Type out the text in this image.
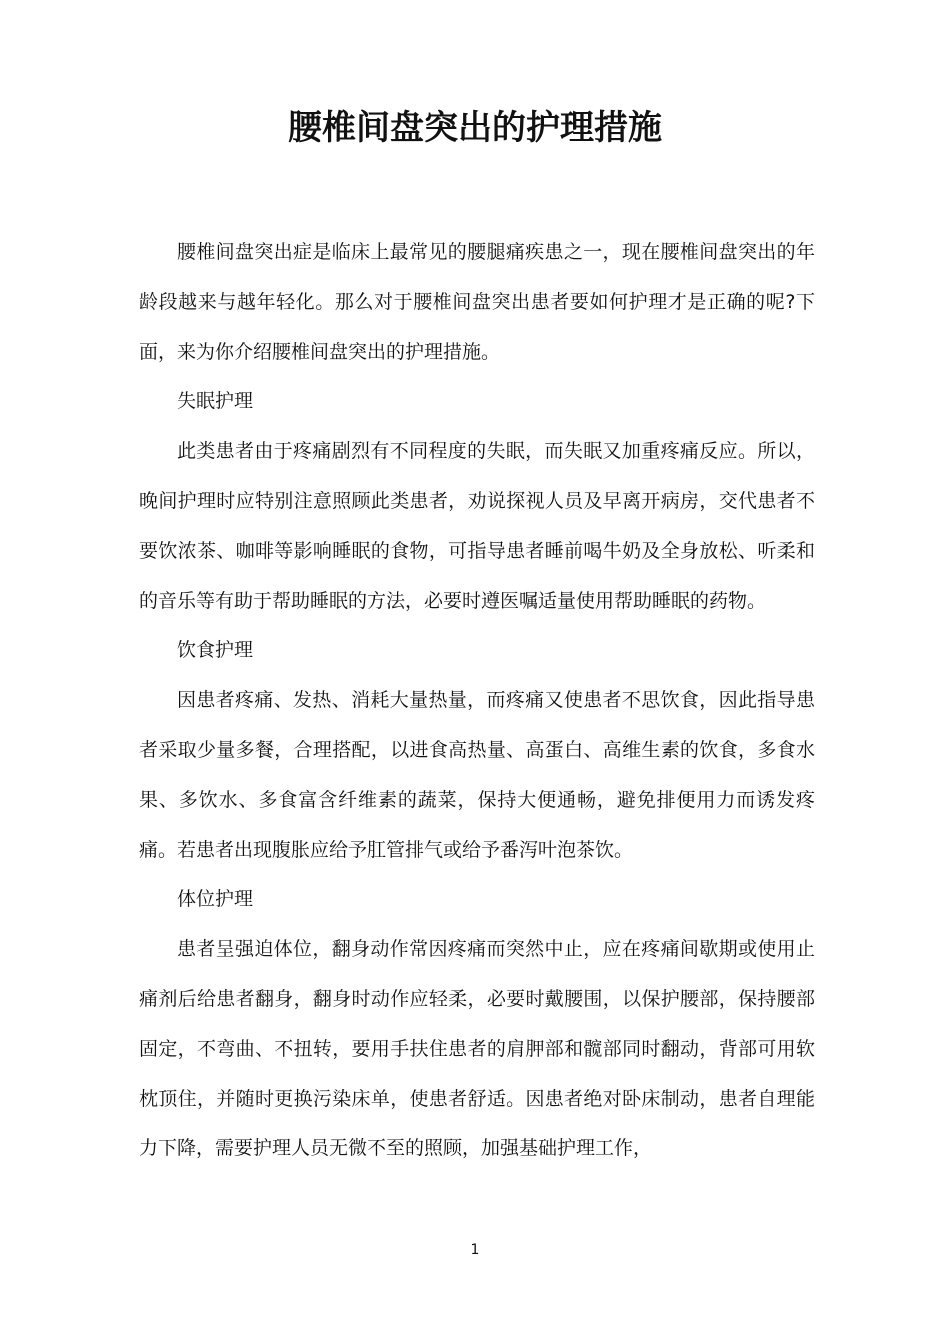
腰椎间盘突出的护理措施

腰椎间盘突出症是临床上最常见的腰腿痛疾患之一，现在腰椎间盘突出的年龄段越来与越年轻化。那么对于腰椎间盘突出患者要如何护理才是正确的呢?下面，来为你介绍腰椎间盘突出的护理措施。

失眠护理

此类患者由于疼痛剧烈有不同程度的失眠，而失眠又加重疼痛反应。所以，晚间护理时应特别注意照顾此类患者，劝说探视人员及早离开病房，交代患者不要饮浓茶、咖啡等影响睡眠的食物，可指导患者睡前喝牛奶及全身放松、听柔和的音乐等有助于帮助睡眠的方法，必要时遵医嘱适量使用帮助睡眠的药物。

饮食护理

因患者疼痛、发热、消耗大量热量，而疼痛又使患者不思饮食，因此指导患者采取少量多餐，合理搭配，以进食高热量、高蛋白、高维生素的饮食，多食水果、多饮水、多食富含纤维素的蔬菜，保持大便通畅，避免排便用力而诱发疼痛。若患者出现腹胀应给予肛管排气或给予番泻叶泡茶饮。

体位护理

患者呈强迫体位，翻身动作常因疼痛而突然中止，应在疼痛间歇期或使用止痛剂后给患者翻身，翻身时动作应轻柔，必要时戴腰围，以保护腰部，保持腰部固定，不弯曲、不扭转，要用手扶住患者的肩胛部和髋部同时翻动，背部可用软枕顶住，并随时更换污染床单，使患者舒适。因患者绝对卧床制动，患者自理能力下降，需要护理人员无微不至的照顾，加强基础护理工作，

1
